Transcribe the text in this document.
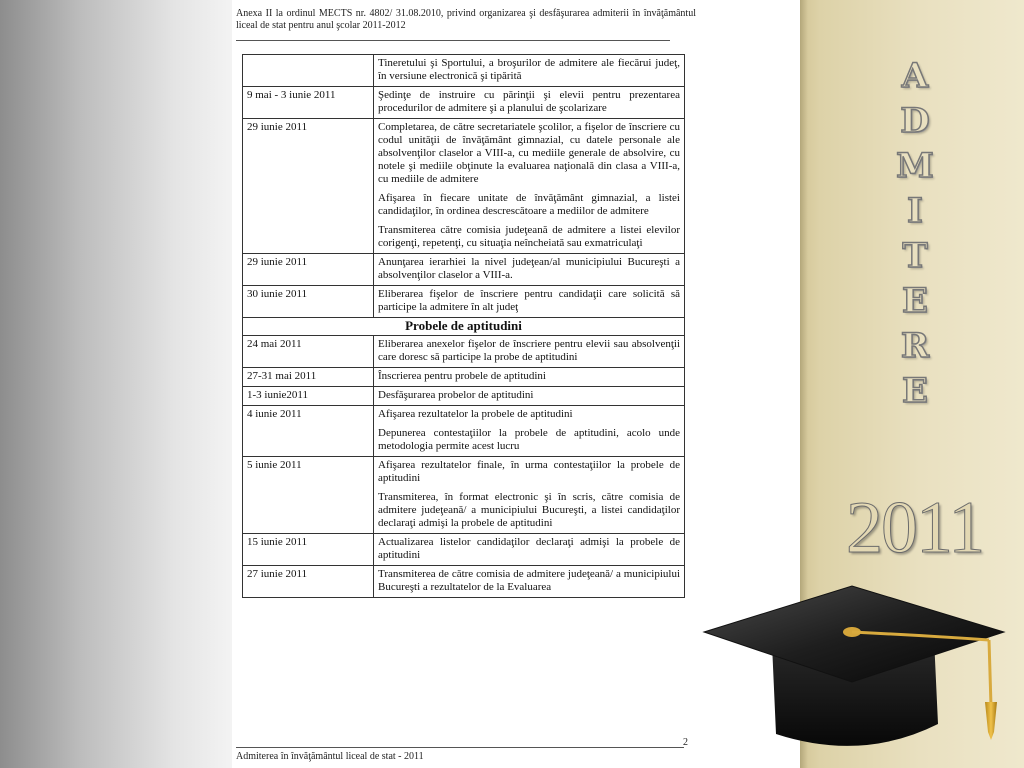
Anexa II la ordinul MECTS nr. 4802/ 31.08.2010, privind organizarea şi desfăşurarea admiterii în învăţământul liceal de stat pentru anul şcolar 2011-2012

	Tineretului şi Sportului, a broşurilor de admitere ale fiecărui judeţ, în versiune electronică şi tipărită

9 mai - 3 iunie 2011	Şedinţe de instruire cu părinţii şi elevii pentru prezentarea procedurilor de admitere şi a planului de şcolarizare

29 iunie 2011	Completarea, de către secretariatele şcolilor, a fişelor de înscriere cu codul unităţii de învăţământ gimnazial, cu datele personale ale absolvenţilor claselor a VIII-a, cu mediile generale de absolvire, cu notele şi mediile obţinute la evaluarea naţională din clasa a VIII-a, cu mediile de admitere

Afişarea în fiecare unitate de învăţământ gimnazial, a listei candidaţilor, în ordinea descrescătoare a mediilor de admitere

Transmiterea către comisia judeţeană de admitere a listei elevilor corigenţi, repetenţi, cu situaţia neîncheiată sau exmatriculaţi

29 iunie 2011	Anunţarea ierarhiei la nivel judeţean/al municipiului Bucureşti a absolvenţilor claselor a VIII-a.

30 iunie 2011	Eliberarea fişelor de înscriere pentru candidaţii care solicită să participe la admitere în alt judeţ

Probele de aptitudini	
24 mai 2011	Eliberarea anexelor fişelor de înscriere pentru elevii sau absolvenţii care doresc să participe la probe de aptitudini

27-31 mai 2011	Înscrierea pentru probele de aptitudini

1-3 iunie2011	Desfăşurarea probelor de aptitudini

4 iunie 2011	Afişarea rezultatelor la probele de aptitudini

Depunerea contestaţiilor la probele de aptitudini, acolo unde metodologia permite acest lucru

5 iunie 2011	Afişarea rezultatelor finale, în urma contestaţiilor la probele de aptitudini

Transmiterea, în format electronic şi în scris, către comisia de admitere judeţeană/ a municipiului Bucureşti, a listei candidaţilor declaraţi admişi la probele de aptitudini

15 iunie 2011	Actualizarea listelor candidaţilor declaraţi admişi la probele de aptitudini

27 iunie 2011	Transmiterea de către comisia de admitere judeţeană/ a municipiului Bucureşti a rezultatelor de la Evaluarea

2
Admiterea în învăţământul liceal de stat - 2011
A
D
M
I
T
E
R
E
2011
